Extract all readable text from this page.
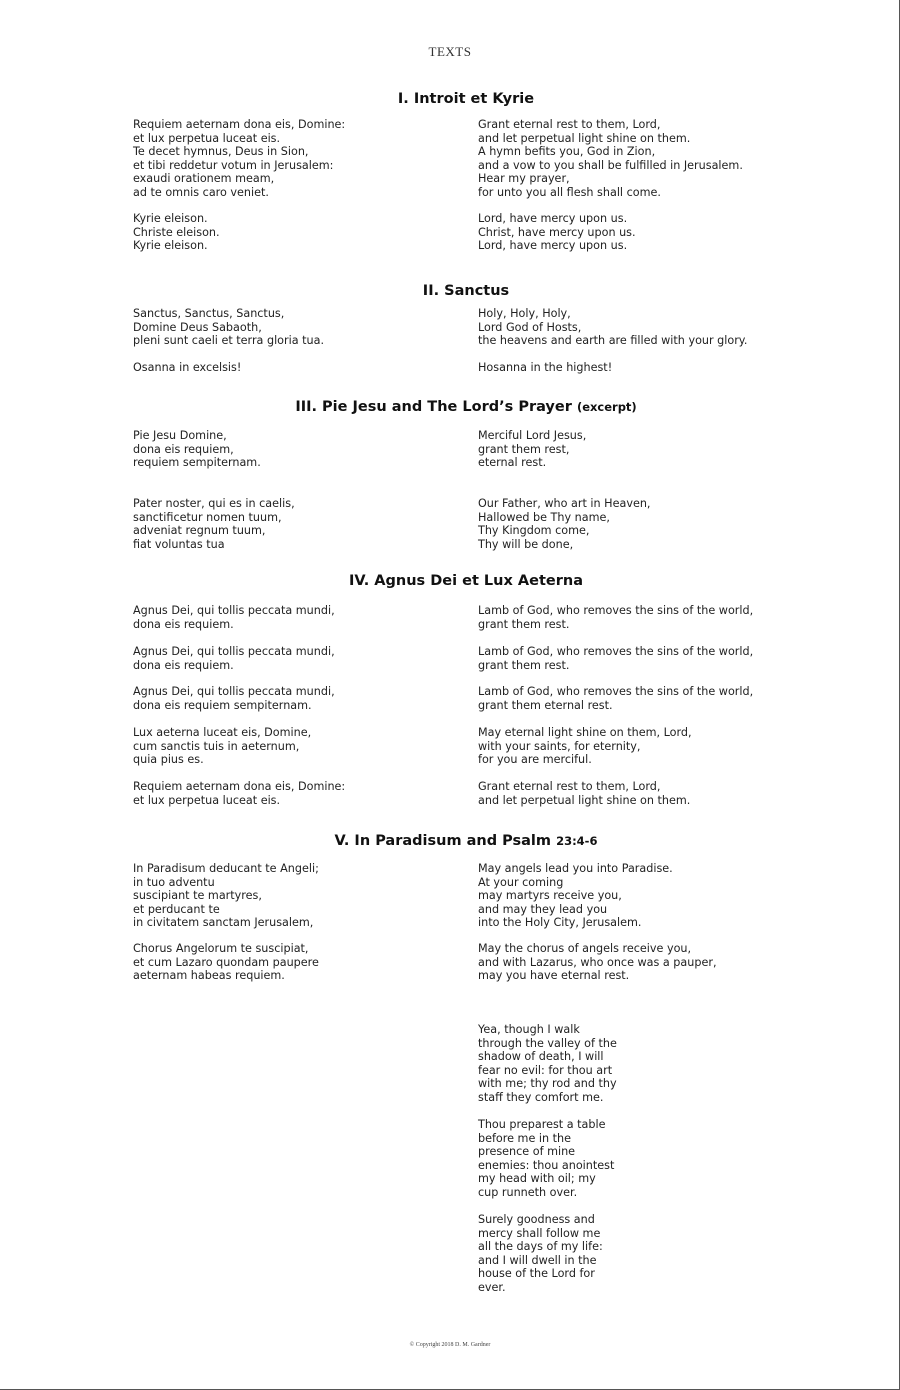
TEXTS
I. Introit et Kyrie
Requiem aeternam dona eis, Domine:
et lux perpetua luceat eis.
Te decet hymnus, Deus in Sion,
et tibi reddetur votum in Jerusalem:
exaudi orationem meam,
ad te omnis caro veniet.
Grant eternal rest to them, Lord,
and let perpetual light shine on them.
A hymn befits you, God in Zion,
and a vow to you shall be fulfilled in Jerusalem.
Hear my prayer,
for unto you all flesh shall come.
Kyrie eleison.
Christe eleison.
Kyrie eleison.
Lord, have mercy upon us.
Christ, have mercy upon us.
Lord, have mercy upon us.
II. Sanctus
Sanctus, Sanctus, Sanctus,
Domine Deus Sabaoth,
pleni sunt caeli et terra gloria tua.
Holy, Holy, Holy,
Lord God of Hosts,
the heavens and earth are filled with your glory.
Osanna in excelsis!	Hosanna in the highest!
III. Pie Jesu and The Lord’s Prayer (excerpt)
Pie Jesu Domine,
dona eis requiem,
requiem sempiternam.
Merciful Lord Jesus,
grant them rest,
eternal rest.
Pater noster, qui es in caelis,
sanctificetur nomen tuum,
adveniat regnum tuum,
fiat voluntas tua
Our Father, who art in Heaven,
Hallowed be Thy name,
Thy Kingdom come,
Thy will be done,
IV. Agnus Dei et Lux Aeterna
Agnus Dei, qui tollis peccata mundi,
dona eis requiem.
Lamb of God, who removes the sins of the world,
grant them rest.
Agnus Dei, qui tollis peccata mundi,
dona eis requiem.
Lamb of God, who removes the sins of the world,
grant them rest.
Agnus Dei, qui tollis peccata mundi,
dona eis requiem sempiternam.
Lamb of God, who removes the sins of the world,
grant them eternal rest.
Lux aeterna luceat eis, Domine,
cum sanctis tuis in aeternum,
quia pius es.
May eternal light shine on them, Lord,
with your saints, for eternity,
for you are merciful.
Requiem aeternam dona eis, Domine:
et lux perpetua luceat eis.
Grant eternal rest to them, Lord,
and let perpetual light shine on them.
V. In Paradisum and Psalm 23:4-6
In Paradisum deducant te Angeli;
in tuo adventu
suscipiant te martyres,
et perducant te
in civitatem sanctam Jerusalem,
May angels lead you into Paradise.
At your coming
may martyrs receive you,
and may they lead you
into the Holy City, Jerusalem.
Chorus Angelorum te suscipiat,
et cum Lazaro quondam paupere
aeternam habeas requiem.
May the chorus of angels receive you,
and with Lazarus, who once was a pauper,
may you have eternal rest.
Yea, though I walk
through the valley of the
shadow of death, I will
fear no evil: for thou art
with me; thy rod and thy
staff they comfort me.
Thou preparest a table
before me in the
presence of mine
enemies: thou anointest
my head with oil; my
cup runneth over.
Surely goodness and
mercy shall follow me
all the days of my life:
and I will dwell in the
house of the Lord for
ever.
© Copyright 2018 D. M. Gardner
